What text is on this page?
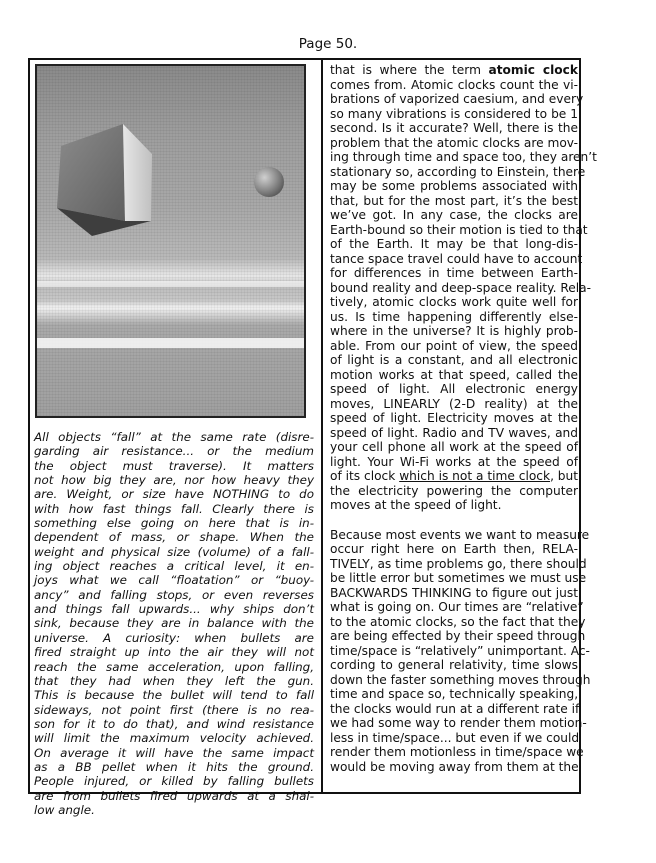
Page 50.
All objects “fall” at the same rate (disre-
garding air resistance... or the medium
the object must traverse). It matters
not how big they are, nor how heavy they
are. Weight, or size have NOTHING to do
with how fast things fall. Clearly there is
something else going on here that is in-
dependent of mass, or shape. When the
weight and physical size (volume) of a fall-
ing object reaches a critical level, it en-
joys what we call “floatation” or “buoy-
ancy” and falling stops, or even reverses
and things fall upwards... why ships don’t
sink, because they are in balance with the
universe. A curiosity: when bullets are
fired straight up into the air they will not
reach the same acceleration, upon falling,
that they had when they left the gun.
This is because the bullet will tend to fall
sideways, not point first (there is no rea-
son for it to do that), and wind resistance
will limit the maximum velocity achieved.
On average it will have the same impact
as a BB pellet when it hits the ground.
People injured, or killed by falling bullets
are from bullets fired upwards at a shal-
low angle.
that is where the term atomic clock
comes from. Atomic clocks count the vi-
brations of vaporized caesium, and every
so many vibrations is considered to be 1
second. Is it accurate? Well, there is the
problem that the atomic clocks are mov-
ing through time and space too, they aren’t
stationary so, according to Einstein, there
may be some problems associated with
that, but for the most part, it’s the best
we’ve got. In any case, the clocks are
Earth-bound so their motion is tied to that
of the Earth. It may be that long-dis-
tance space travel could have to account
for differences in time between Earth-
bound reality and deep-space reality. Rela-
tively, atomic clocks work quite well for
us. Is time happening differently else-
where in the universe? It is highly prob-
able. From our point of view, the speed
of light is a constant, and all electronic
motion works at that speed, called the
speed of light. All electronic energy
moves, LINEARLY (2-D reality) at the
speed of light. Electricity moves at the
speed of light. Radio and TV waves, and
your cell phone all work at the speed of
light. Your Wi-Fi works at the speed of
of its clock which is not a time clock, but
the electricity powering the computer
moves at the speed of light.
Because most events we want to measure
occur right here on Earth then, RELA-
TIVELY, as time problems go, there should
be little error but sometimes we must use
BACKWARDS THINKING to figure out just
what is going on. Our times are “relative”
to the atomic clocks, so the fact that they
are being effected by their speed through
time/space is “relatively” unimportant. Ac-
cording to general relativity, time slows
down the faster something moves through
time and space so, technically speaking,
the clocks would run at a different rate if
we had some way to render them motion-
less in time/space... but even if we could
render them motionless in time/space we
would be moving away from them at the
